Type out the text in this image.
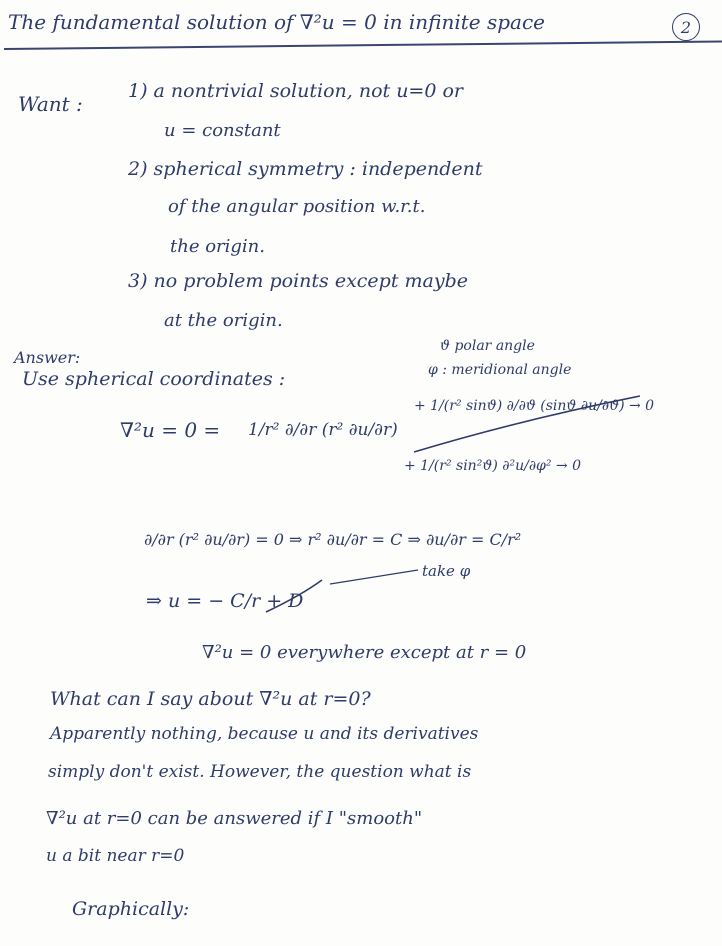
The fundamental solution of ∇²u = 0 in infinite space	2
Want :
1) a nontrivial solution, not u=0 or
u = constant
2) spherical symmetry : independent
of the angular position w.r.t.
the origin.
3) no problem points except maybe
at the origin.
Answer:
Use spherical coordinates :
ϑ polar angle
φ : meridional angle
∇²u = 0 = 1/r² ∂/∂r (r² ∂u/∂r)
+ 1/(r² sinϑ) ∂/∂ϑ (sinϑ ∂u/∂ϑ) → 0
+ 1/(r² sin²ϑ) ∂²u/∂φ² → 0
∂/∂r (r² ∂u/∂r) = 0 ⇒ r² ∂u/∂r = C ⇒ ∂u/∂r = C/r²
take φ
⇒ u = − C/r + D
∇²u = 0 everywhere except at r = 0
What can I say about ∇²u at r=0?
Apparently nothing, because u and its derivatives
simply don't exist. However, the question what is
∇²u at r=0 can be answered if I "smooth"
u a bit near r=0
Graphically:
